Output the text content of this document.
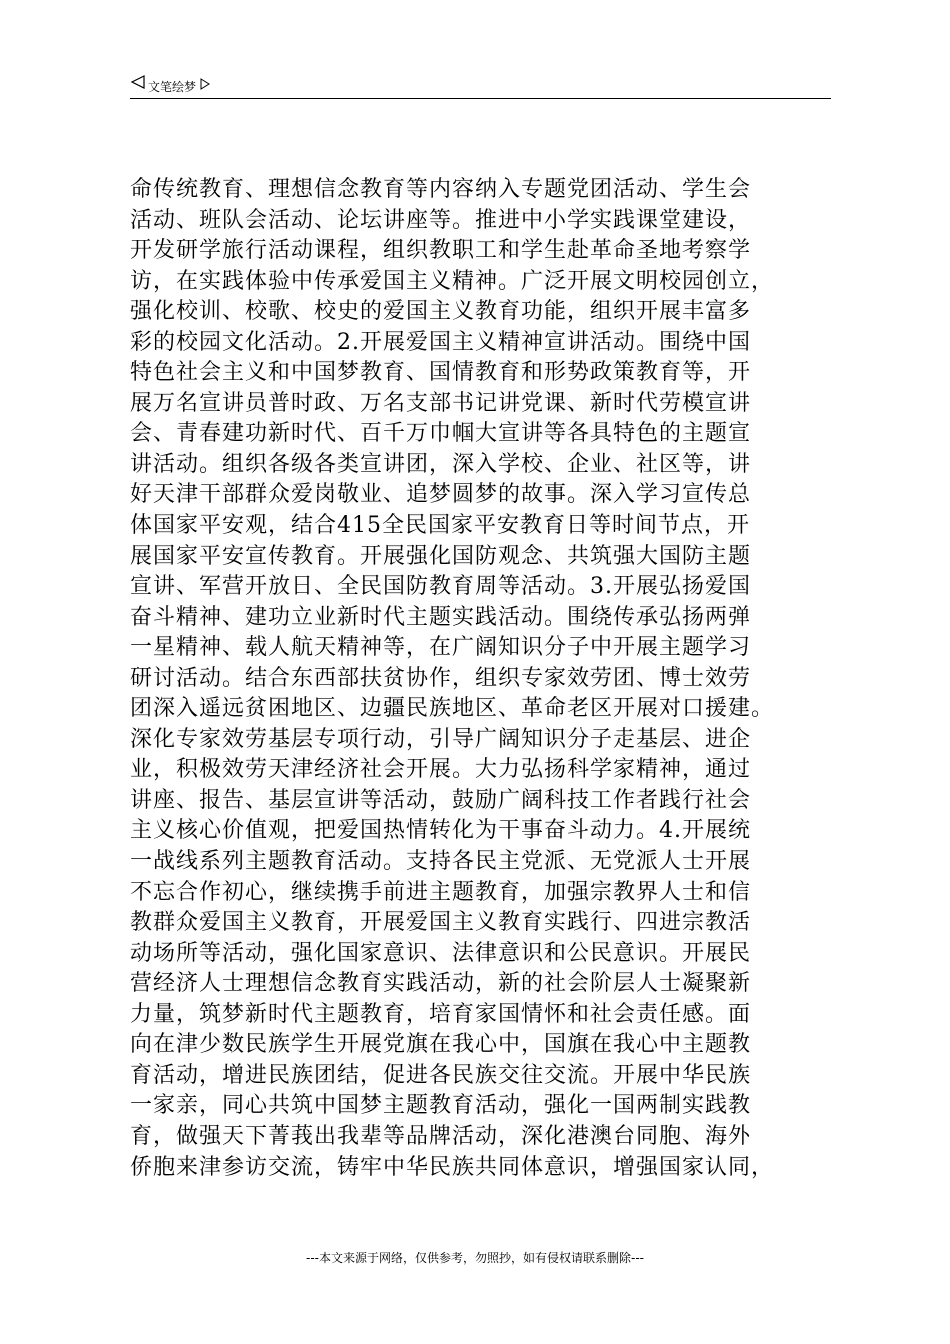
文笔绘梦
命传统教育、理想信念教育等内容纳入专题党团活动、学生会
活动、班队会活动、论坛讲座等。推进中小学实践课堂建设，
开发研学旅行活动课程，组织教职工和学生赴革命圣地考察学
访，在实践体验中传承爱国主义精神。广泛开展文明校园创立，
强化校训、校歌、校史的爱国主义教育功能，组织开展丰富多
彩的校园文化活动。2.开展爱国主义精神宣讲活动。围绕中国
特色社会主义和中国梦教育、国情教育和形势政策教育等，开
展万名宣讲员普时政、万名支部书记讲党课、新时代劳模宣讲
会、青春建功新时代、百千万巾帼大宣讲等各具特色的主题宣
讲活动。组织各级各类宣讲团，深入学校、企业、社区等，讲
好天津干部群众爱岗敬业、追梦圆梦的故事。深入学习宣传总
体国家平安观，结合415全民国家平安教育日等时间节点，开
展国家平安宣传教育。开展强化国防观念、共筑强大国防主题
宣讲、军营开放日、全民国防教育周等活动。3.开展弘扬爱国
奋斗精神、建功立业新时代主题实践活动。围绕传承弘扬两弹
一星精神、载人航天精神等，在广阔知识分子中开展主题学习
研讨活动。结合东西部扶贫协作，组织专家效劳团、博士效劳
团深入遥远贫困地区、边疆民族地区、革命老区开展对口援建。
深化专家效劳基层专项行动，引导广阔知识分子走基层、进企
业，积极效劳天津经济社会开展。大力弘扬科学家精神，通过
讲座、报告、基层宣讲等活动，鼓励广阔科技工作者践行社会
主义核心价值观，把爱国热情转化为干事奋斗动力。4.开展统
一战线系列主题教育活动。支持各民主党派、无党派人士开展
不忘合作初心，继续携手前进主题教育，加强宗教界人士和信
教群众爱国主义教育，开展爱国主义教育实践行、四进宗教活
动场所等活动，强化国家意识、法律意识和公民意识。开展民
营经济人士理想信念教育实践活动，新的社会阶层人士凝聚新
力量，筑梦新时代主题教育，培育家国情怀和社会责任感。面
向在津少数民族学生开展党旗在我心中，国旗在我心中主题教
育活动，增进民族团结，促进各民族交往交流。开展中华民族
一家亲，同心共筑中国梦主题教育活动，强化一国两制实践教
育，做强天下菁莪出我辈等品牌活动，深化港澳台同胞、海外
侨胞来津参访交流，铸牢中华民族共同体意识，增强国家认同，
---本文来源于网络，仅供参考，勿照抄，如有侵权请联系删除---
